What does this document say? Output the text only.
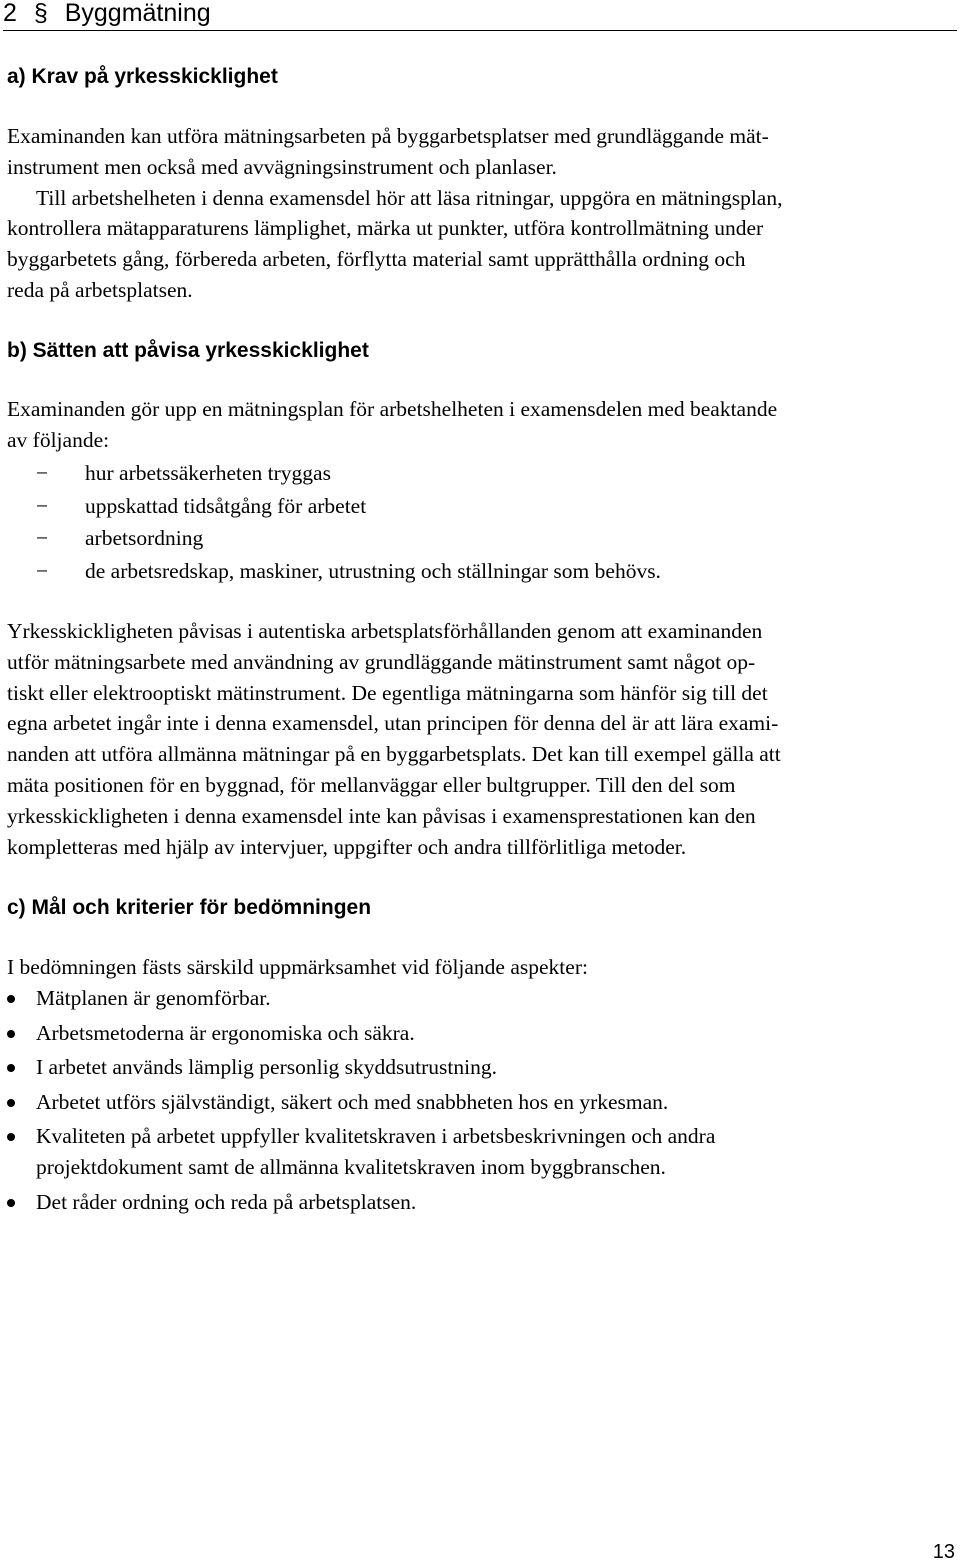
2 § Byggmätning
a) Krav på yrkesskicklighet
Examinanden kan utföra mätningsarbeten på byggarbetsplatser med grundläggande mät-
instrument men också med avvägningsinstrument och planlaser.
Till arbetshelheten i denna examensdel hör att läsa ritningar, uppgöra en mätningsplan,
kontrollera mätapparaturens lämplighet, märka ut punkter, utföra kontrollmätning under
byggarbetets gång, förbereda arbeten, förflytta material samt upprätthålla ordning och
reda på arbetsplatsen.
b) Sätten att påvisa yrkesskicklighet
Examinanden gör upp en mätningsplan för arbetshelheten i examensdelen med beaktande
av följande:
− hur arbetssäkerheten tryggas
− uppskattad tidsåtgång för arbetet
− arbetsordning
− de arbetsredskap, maskiner, utrustning och ställningar som behövs.
Yrkesskickligheten påvisas i autentiska arbetsplatsförhållanden genom att examinanden
utför mätningsarbete med användning av grundläggande mätinstrument samt något op-
tiskt eller elektrooptiskt mätinstrument. De egentliga mätningarna som hänför sig till det
egna arbetet ingår inte i denna examensdel, utan principen för denna del är att lära exami-
nanden att utföra allmänna mätningar på en byggarbetsplats. Det kan till exempel gälla att
mäta positionen för en byggnad, för mellanväggar eller bultgrupper. Till den del som
yrkesskickligheten i denna examensdel inte kan påvisas i examensprestationen kan den
kompletteras med hjälp av intervjuer, uppgifter och andra tillförlitliga metoder.
c) Mål och kriterier för bedömningen
I bedömningen fästs särskild uppmärksamhet vid följande aspekter:
Mätplanen är genomförbar.
Arbetsmetoderna är ergonomiska och säkra.
I arbetet används lämplig personlig skyddsutrustning.
Arbetet utförs självständigt, säkert och med snabbheten hos en yrkesman.
Kvaliteten på arbetet uppfyller kvalitetskraven i arbetsbeskrivningen och andra
projektdokument samt de allmänna kvalitetskraven inom byggbranschen.
Det råder ordning och reda på arbetsplatsen.
13
